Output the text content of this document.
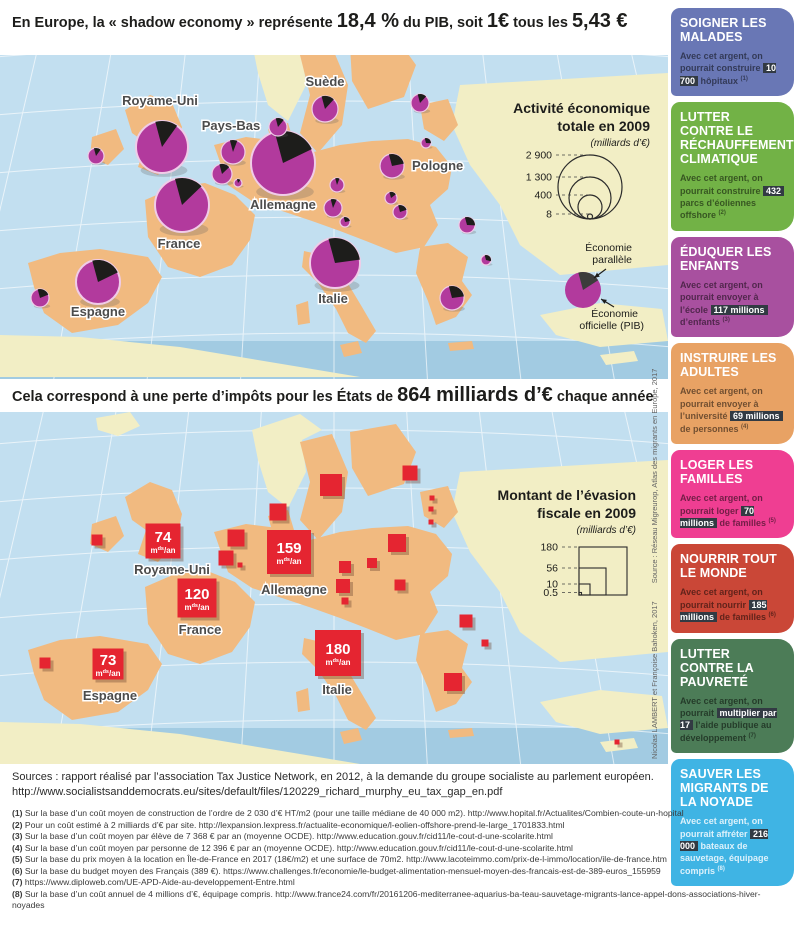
En Europe, la « shadow economy » représente 18,4 % du PIB, soit 1€ tous les 5,43 €
Royame-Uni
Pays-Bas
Suède
Pologne
Allemagne
France
Espagne
Italie
Activité économique
totale en 2009
(milliards d’€)
2 900
1 300
400
8
Économie
parallèle
Économie
officielle (PIB)
Cela correspond à une perte d’impôts pour les États de 864 milliards d’€ chaque année
74
$m^{ds}/an$
Royame-Uni
159
$m^{ds}/an$
Allemagne
120
$m^{ds}/an$
France
73
$m^{ds}/an$
Espagne
180
$m^{ds}/an$
Italie
Montant de l’évasion
fiscale en 2009
(milliards d’€)
180
56
10
0.5
Nicolas LAMBERT et Françoise Bahoken, 2017Source : Réseau Migreurop, Atlas des migrants en Europe, 2017
SOIGNER LES MALADES
Avec cet argent, on pourrait construire 10 700 hôpitaux $^{(1)}$
LUTTER CONTRE LE RÉCHAUFFEMENT CLIMATIQUE
Avec cet argent, on pourrait construire 432 parcs d’éoliennes offshore $^{(2)}$
ÉDUQUER LES ENFANTS
Avec cet argent, on pourrait envoyer à l’école 117 millions d’enfants $^{(3)}$
INSTRUIRE LES ADULTES
Avec cet argent, on pourrait envoyer à l’université 69 millions de personnes $^{(4)}$
LOGER LES FAMILLES
Avec cet argent, on pourrait loger 70 millions de familles $^{(5)}$
NOURRIR TOUT LE MONDE
Avec cet argent, on pourrait nourrir 185 millions de familles $^{(6)}$
LUTTER CONTRE LA PAUVRETÉ
Avec cet argent, on pourrait multiplier par 17 l’aide publique au développement $^{(7)}$
SAUVER LES MIGRANTS DE LA NOYADE
Avec cet argent, on pourrait affréter 216 000 bateaux de sauvetage, équipage compris $^{(8)}$
Sources : rapport réalisé par l’association Tax Justice Network, en 2012, à la demande du groupe socialiste au parlement européen.
http://www.socialistsanddemocrats.eu/sites/default/files/120229_richard_murphy_eu_tax_gap_en.pdf
(1) Sur la base d’un coût moyen de construction de l’ordre de 2 030 d’€ HT/m2 (pour une taille médiane de 40 000 m2). http://www.hopital.fr/Actualites/Combien-coute-un-hopital
(2) Pour un coût estimé à 2 milliards d’€ par site. http://lexpansion.lexpress.fr/actualite-economique/l-eolien-offshore-prend-le-large_1701833.html
(3) Sur la base d’un coût moyen par élève de 7 368 € par an (moyenne OCDE). http://www.education.gouv.fr/cid11/le-cout-d-une-scolarite.html
(4) Sur la base d’un coût moyen par personne de 12 396 € par an (moyenne OCDE). http://www.education.gouv.fr/cid11/le-cout-d-une-scolarite.html
(5) Sur la base du prix moyen à la location en Île-de-France en 2017 (18€/m2) et une surface de 70m2. http://www.lacoteimmo.com/prix-de-l-immo/location/ile-de-france.htm
(6) Sur la base du budget moyen des Français (389 €). https://www.challenges.fr/economie/le-budget-alimentation-mensuel-moyen-des-francais-est-de-389-euros_155959
(7) https://www.diploweb.com/UE-APD-Aide-au-developpement-Entre.html
(8) Sur la base d’un coût annuel de 4 millions d’€, équipage compris. http://www.france24.com/fr/20161206-mediterranee-aquarius-ba-teau-sauvetage-migrants-lance-appel-dons-associations-hiver-noyades
